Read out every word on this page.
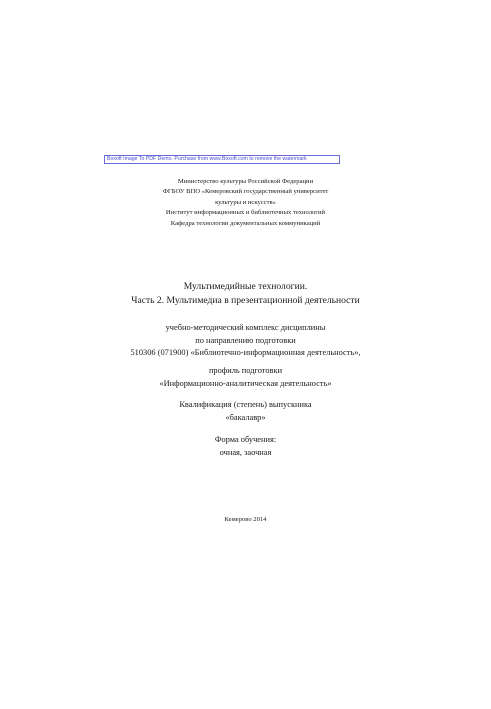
Boxoft Image To PDF Demo. Purchase from www.Boxoft.com to remove the watermark
Министерство культуры Российской Федерации
ФГБОУ ВПО «Кемеровский государственный университет
культуры и искусств»
Институт информационных и библиотечных технологий
Кафедра технологии документальных коммуникаций
Мультимедийные технологии.
Часть 2. Мультимедиа в презентационной деятельности
учебно-методический комплекс дисциплины
по направлению подготовки
510306 (071900) «Библиотечно-информационная деятельность»,
профиль подготовки
«Информационно-аналитическая деятельность»
Квалификация (степень) выпускника
«бакалавр»
Форма обучения:
очная, заочная
Кемерово 2014
